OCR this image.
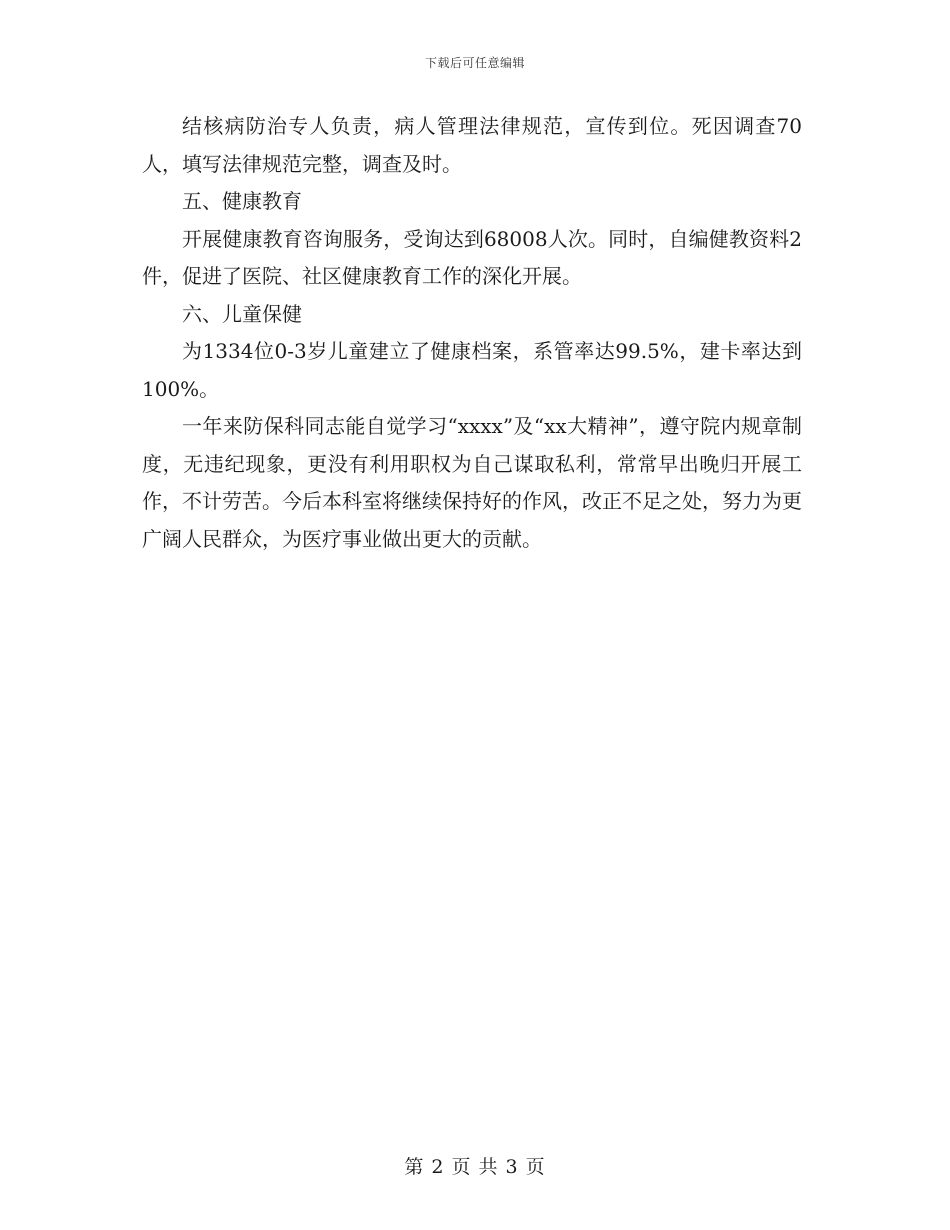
下载后可任意编辑

结核病防治专人负责，病人管理法律规范，宣传到位。死因调查70人，填写法律规范完整，调查及时。

五、健康教育

开展健康教育咨询服务，受询达到68008人次。同时，自编健教资料2件，促进了医院、社区健康教育工作的深化开展。

六、儿童保健

为1334位0-3岁儿童建立了健康档案，系管率达99.5%，建卡率达到100%。

一年来防保科同志能自觉学习“xxxx”及“xx大精神”，遵守院内规章制度，无违纪现象，更没有利用职权为自己谋取私利，常常早出晚归开展工作，不计劳苦。今后本科室将继续保持好的作风，改正不足之处，努力为更广阔人民群众，为医疗事业做出更大的贡献。

第 2 页 共 3 页
